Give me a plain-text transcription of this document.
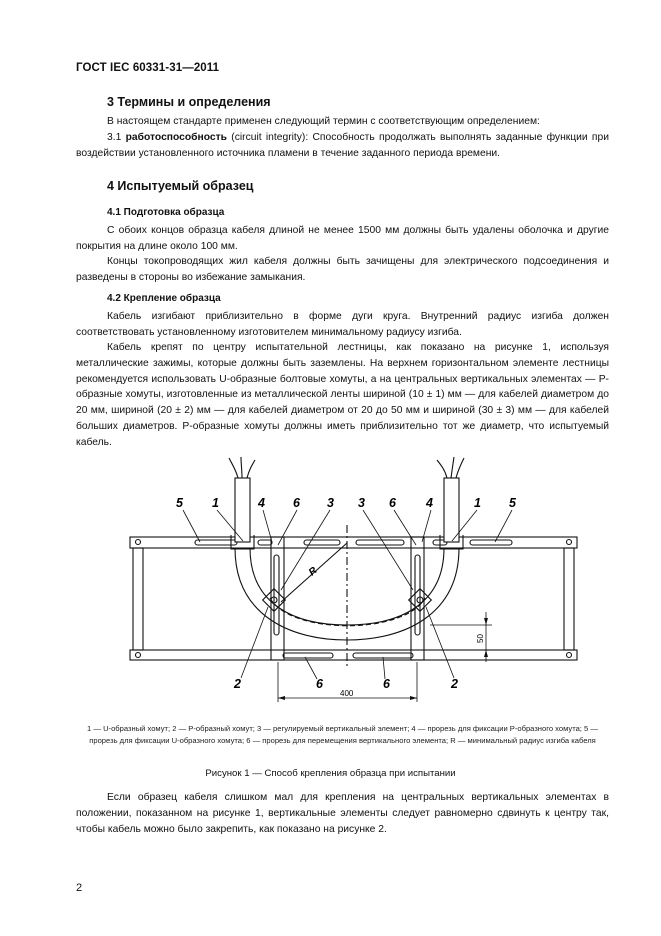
ГОСТ IEC 60331-31—2011
3 Термины и определения

В настоящем стандарте применен следующий термин с соответствующим определением:

3.1 работоспособность (circuit integrity): Способность продолжать выполнять заданные функции при воздействии установленного источника пламени в течение заданного периода времени.

4 Испытуемый образец
4.1 Подготовка образца

С обоих концов образца кабеля длиной не менее 1500 мм должны быть удалены оболочка и другие покрытия на длине около 100 мм.

Концы токопроводящих жил кабеля должны быть зачищены для электрического подсоединения и разведены в стороны во избежание замыкания.

4.2 Крепление образца

Кабель изгибают приблизительно в форме дуги круга. Внутренний радиус изгиба должен соответствовать установленному изготовителем минимальному радиусу изгиба.

Кабель крепят по центру испытательной лестницы, как показано на рисунке 1, используя металлические зажимы, которые должны быть заземлены. На верхнем горизонтальном элементе лестницы рекомендуется использовать U-образные болтовые хомуты, а на центральных вертикальных элементах — P-образные хомуты, изготовленные из металлической ленты шириной (10 ± 1) мм — для кабелей диаметром до 20 мм, шириной (20 ± 2) мм — для кабелей диаметром от 20 до 50 мм и шириной (30 ± 3) мм — для кабелей больших диаметров. P-образные хомуты должны иметь приблизительно тот же диаметр, что испытуемый кабель.

5 1	4 6 3 3 6 4	1 5
R
2	6	6	2
400
50
1 — U-образный хомут; 2 — P-образный хомут; 3 — регулируемый вертикальный элемент; 4 — прорезь для фиксации P-образного хомута; 5 — прорезь для фиксации U-образного хомута; 6 — прорезь для перемещения вертикального элемента; R — минимальный радиус изгиба кабеля
Рисунок 1 — Способ крепления образца при испытании

Если образец кабеля слишком мал для крепления на центральных вертикальных элементах в положении, показанном на рисунке 1, вертикальные элементы следует равномерно сдвинуть к центру так, чтобы кабель можно было закрепить, как показано на рисунке 2.

2
